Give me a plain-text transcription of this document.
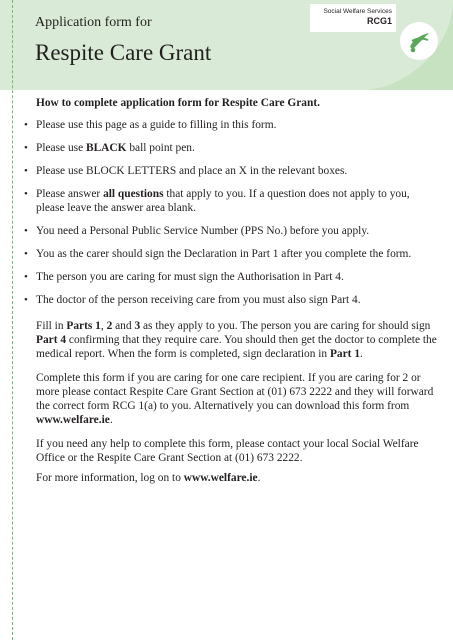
Application form for
Respite Care Grant
Social Welfare Services
RCG1
How to complete application form for Respite Care Grant.
• Please use this page as a guide to filling in this form.
• Please use BLACK ball point pen.
• Please use BLOCK LETTERS and place an X in the relevant boxes.
• Please answer all questions that apply to you. If a question does not apply to you, please leave the answer area blank.
• You need a Personal Public Service Number (PPS No.) before you apply.
• You as the carer should sign the Declaration in Part 1 after you complete the form.
• The person you are caring for must sign the Authorisation in Part 4.
• The doctor of the person receiving care from you must also sign Part 4.

Fill in Parts 1, 2 and 3 as they apply to you. The person you are caring for should sign Part 4 confirming that they require care. You should then get the doctor to complete the medical report. When the form is completed, sign declaration in Part 1.

Complete this form if you are caring for one care recipient. If you are caring for 2 or more please contact Respite Care Grant Section at (01) 673 2222 and they will forward the correct form RCG 1(a) to you. Alternatively you can download this form from www.welfare.ie.

If you need any help to complete this form, please contact your local Social Welfare Office or the Respite Care Grant Section at (01) 673 2222.

For more information, log on to www.welfare.ie.
